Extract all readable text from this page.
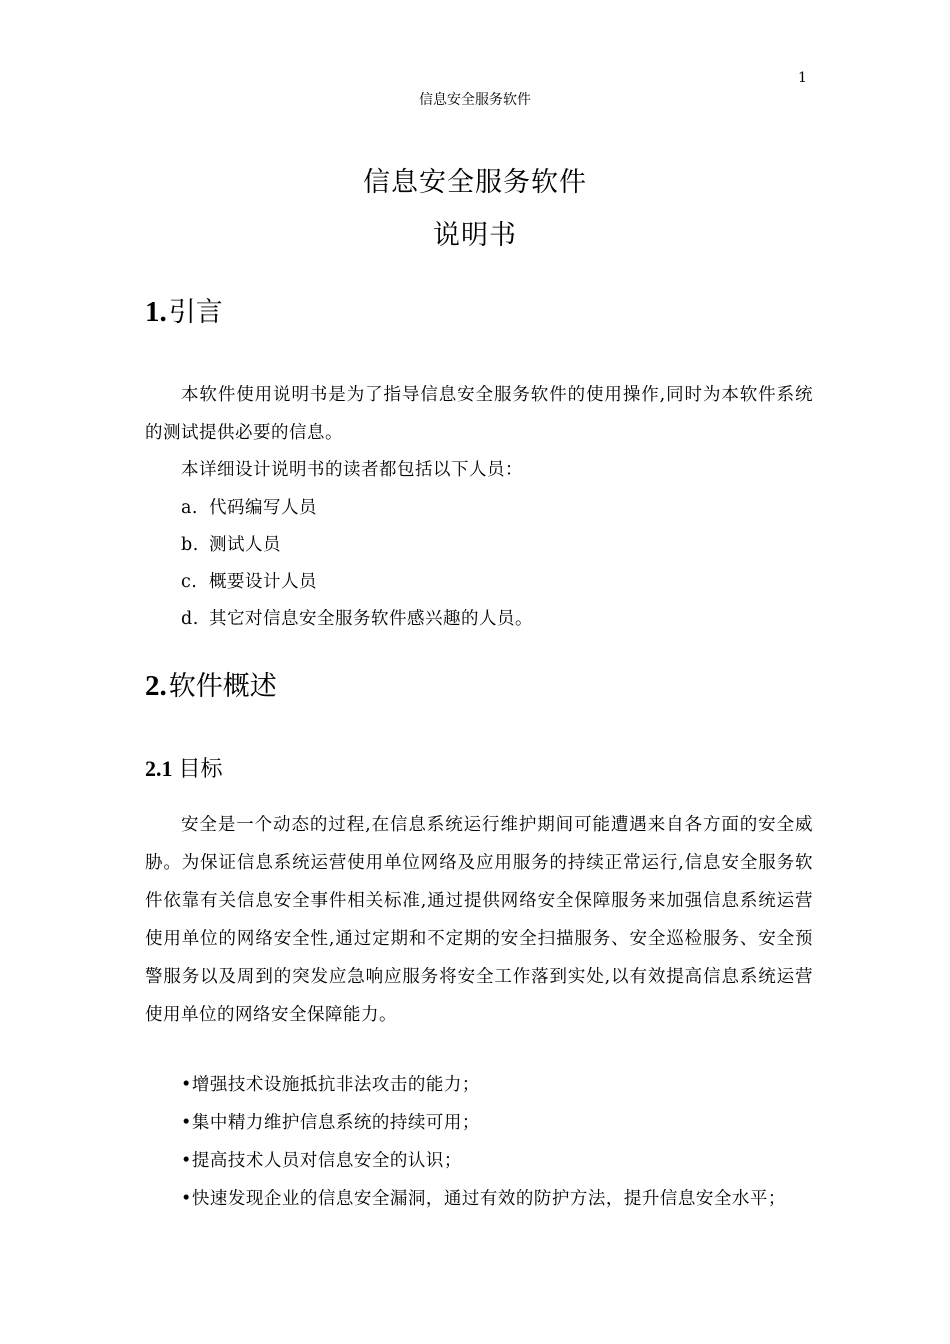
1
信息安全服务软件
信息安全服务软件
说明书
1.引言
本软件使用说明书是为了指导信息安全服务软件的使用操作,同时为本软件系统的测试提供必要的信息。
本详细设计说明书的读者都包括以下人员：
a. 代码编写人员
b. 测试人员
c. 概要设计人员
d. 其它对信息安全服务软件感兴趣的人员。
2.软件概述
2.1 目标
安全是一个动态的过程,在信息系统运行维护期间可能遭遇来自各方面的安全威胁。为保证信息系统运营使用单位网络及应用服务的持续正常运行,信息安全服务软件依靠有关信息安全事件相关标准,通过提供网络安全保障服务来加强信息系统运营使用单位的网络安全性,通过定期和不定期的安全扫描服务、安全巡检服务、安全预警服务以及周到的突发应急响应服务将安全工作落到实处,以有效提高信息系统运营使用单位的网络安全保障能力。
•增强技术设施抵抗非法攻击的能力；
•集中精力维护信息系统的持续可用；
•提高技术人员对信息安全的认识；
•快速发现企业的信息安全漏洞，通过有效的防护方法，提升信息安全水平；
